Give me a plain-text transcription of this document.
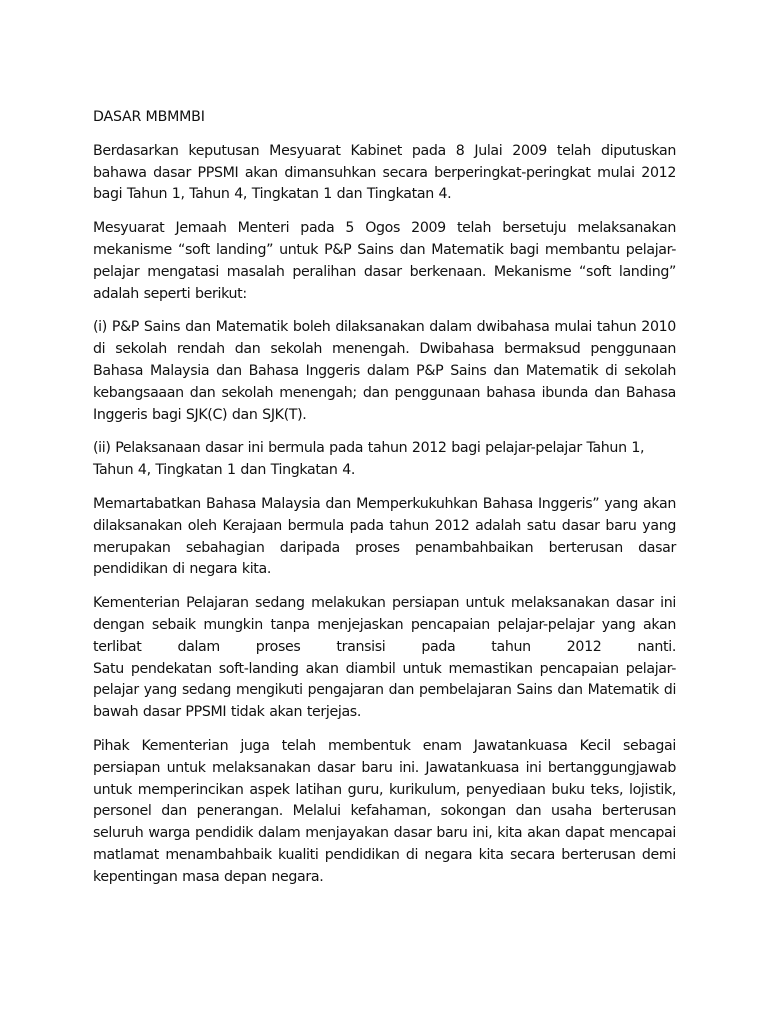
DASAR MBMMBI
Berdasarkan keputusan Mesyuarat Kabinet pada 8 Julai 2009 telah diputuskan
bahawa dasar PPSMI akan dimansuhkan secara berperingkat-peringkat mulai 2012
bagi Tahun 1, Tahun 4, Tingkatan 1 dan Tingkatan 4.
Mesyuarat Jemaah Menteri pada 5 Ogos 2009 telah bersetuju melaksanakan
mekanisme “soft landing” untuk P&P Sains dan Matematik bagi membantu pelajar-
pelajar mengatasi masalah peralihan dasar berkenaan. Mekanisme “soft landing”
adalah seperti berikut:
(i) P&P Sains dan Matematik boleh dilaksanakan dalam dwibahasa mulai tahun 2010
di sekolah rendah dan sekolah menengah. Dwibahasa bermaksud penggunaan
Bahasa Malaysia dan Bahasa Inggeris dalam P&P Sains dan Matematik di sekolah
kebangsaaan dan sekolah menengah; dan penggunaan bahasa ibunda dan Bahasa
Inggeris bagi SJK(C) dan SJK(T).
(ii) Pelaksanaan dasar ini bermula pada tahun 2012 bagi pelajar-pelajar Tahun 1,
Tahun 4, Tingkatan 1 dan Tingkatan 4.
Memartabatkan Bahasa Malaysia dan Memperkukuhkan Bahasa Inggeris” yang akan
dilaksanakan oleh Kerajaan bermula pada tahun 2012 adalah satu dasar baru yang
merupakan sebahagian daripada proses penambahbaikan berterusan dasar
pendidikan di negara kita.
Kementerian Pelajaran sedang melakukan persiapan untuk melaksanakan dasar ini
dengan sebaik mungkin tanpa menjejaskan pencapaian pelajar-pelajar yang akan
terlibat dalam proses transisi pada tahun 2012 nanti.
Satu pendekatan soft-landing akan diambil untuk memastikan pencapaian pelajar-
pelajar yang sedang mengikuti pengajaran dan pembelajaran Sains dan Matematik di
bawah dasar PPSMI tidak akan terjejas.
Pihak Kementerian juga telah membentuk enam Jawatankuasa Kecil sebagai
persiapan untuk melaksanakan dasar baru ini. Jawatankuasa ini bertanggungjawab
untuk memperincikan aspek latihan guru, kurikulum, penyediaan buku teks, lojistik,
personel dan penerangan. Melalui kefahaman, sokongan dan usaha berterusan
seluruh warga pendidik dalam menjayakan dasar baru ini, kita akan dapat mencapai
matlamat menambahbaik kualiti pendidikan di negara kita secara berterusan demi
kepentingan masa depan negara.
